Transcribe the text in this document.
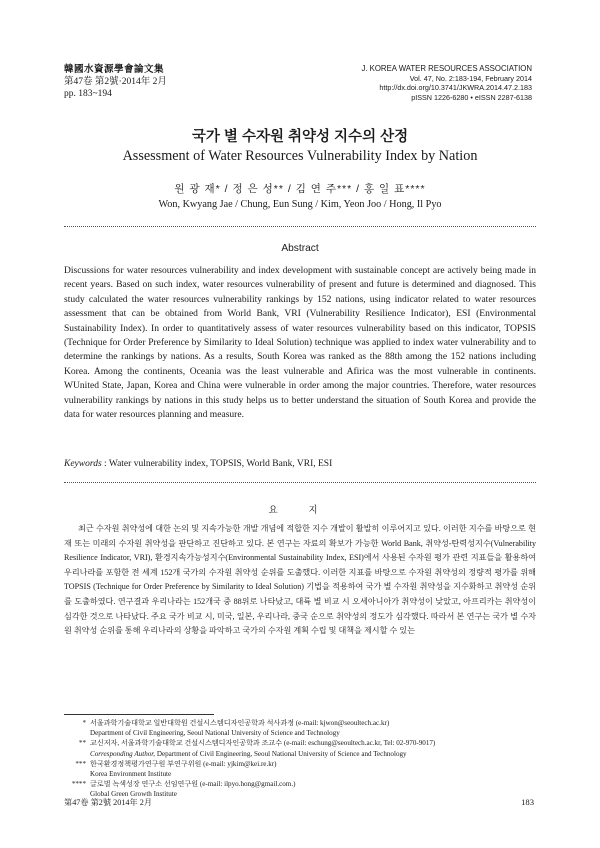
韓國水資源學會論文集
第47卷 第2號·2014年 2月
pp. 183~194
J. KOREA WATER RESOURCES ASSOCIATION
Vol. 47, No. 2:183-194, February 2014
http://dx.doi.org/10.3741/JKWRA.2014.47.2.183
pISSN 1226-6280 • eISSN 2287-6138
국가 별 수자원 취약성 지수의 산정
Assessment of Water Resources Vulnerability Index by Nation
원 광 재* / 정 은 성** / 김 연 주*** / 홍 일 표****
Won, Kwyang Jae / Chung, Eun Sung / Kim, Yeon Joo / Hong, Il Pyo
Abstract
Discussions for water resources vulnerability and index development with sustainable concept are actively being made in recent years. Based on such index, water resources vulnerability of present and future is determined and diagnosed. This study calculated the water resources vulnerability rankings by 152 nations, using indicator related to water resources assessment that can be obtained from World Bank, VRI (Vulnerability Resilience Indicator), ESI (Environmental Sustainability Index). In order to quantitatively assess of water resources vulnerability based on this indicator, TOPSIS (Technique for Order Preference by Similarity to Ideal Solution) technique was applied to index water vulnerability and to determine the rankings by nations. As a results, South Korea was ranked as the 88th among the 152 nations including Korea. Among the continents, Oceania was the least vulnerable and Afirica was the most vulnerable in continents. WUnited State, Japan, Korea and China were vulnerable in order among the major countries. Therefore, water resources vulnerability rankings by nations in this study helps us to better understand the situation of South Korea and provide the data for water resources planning and measure.
Keywords : Water vulnerability index, TOPSIS, World Bank, VRI, ESI
요 지
최근 수자원 취약성에 대한 논의 및 지속가능한 개발 개념에 적합한 지수 개발이 활발히 이루어지고 있다. 이러한 지수를 바탕으로 현재 또는 미래의 수자원 취약성을 판단하고 진단하고 있다. 본 연구는 자료의 확보가 가능한 World Bank, 취약성-탄력성지수(Vulnerability Resilience Indicator, VRI), 환경지속가능성지수(Environmental Sustainability Index, ESI)에서 사용된 수자원 평가 관련 지표들을 활용하여 우리나라를 포함한 전 세계 152개 국가의 수자원 취약성 순위를 도출했다. 이러한 지표를 바탕으로 수자원 취약성의 정량적 평가를 위해 TOPSIS (Technique for Order Preference by Similarity to Ideal Solution) 기법을 적용하여 국가 별 수자원 취약성을 지수화하고 취약성 순위를 도출하였다. 연구결과 우리나라는 152개국 중 88위로 나타났고, 대륙 별 비교 시 오세아니아가 취약성이 낮았고, 아프리카는 취약성이 심각한 것으로 나타났다. 주요 국가 비교 시, 미국, 일본, 우리나라, 중국 순으로 취약성의 정도가 심각했다. 따라서 본 연구는 국가 별 수자원 취약성 순위를 통해 우리나라의 상황을 파악하고 국가의 수자원 계획 수립 및 대책을 제시할 수 있는
* 서울과학기술대학교 일반대학원 건설시스템디자인공학과 석사과정 (e-mail: kjwon@seoultech.ac.kr)
Department of Civil Engineering, Seoul National University of Science and Technology
** 교신저자, 서울과학기술대학교 건설시스템디자인공학과 조교수 (e-mail: eschung@seoultech.ac.kr, Tel: 02-970-9017)
Corresponding Author, Department of Civil Engineering, Seoul National University of Science and Technology
*** 한국환경정책평가연구원 부연구위원 (e-mail: yjkim@kei.re.kr)
Korea Environment Institute
**** 글로벌 녹색성장 연구소 선임연구원 (e-mail: ilpyo.hong@gmail.com.)
Global Green Growth Institute
第47卷 第2號 2014年 2月	183
